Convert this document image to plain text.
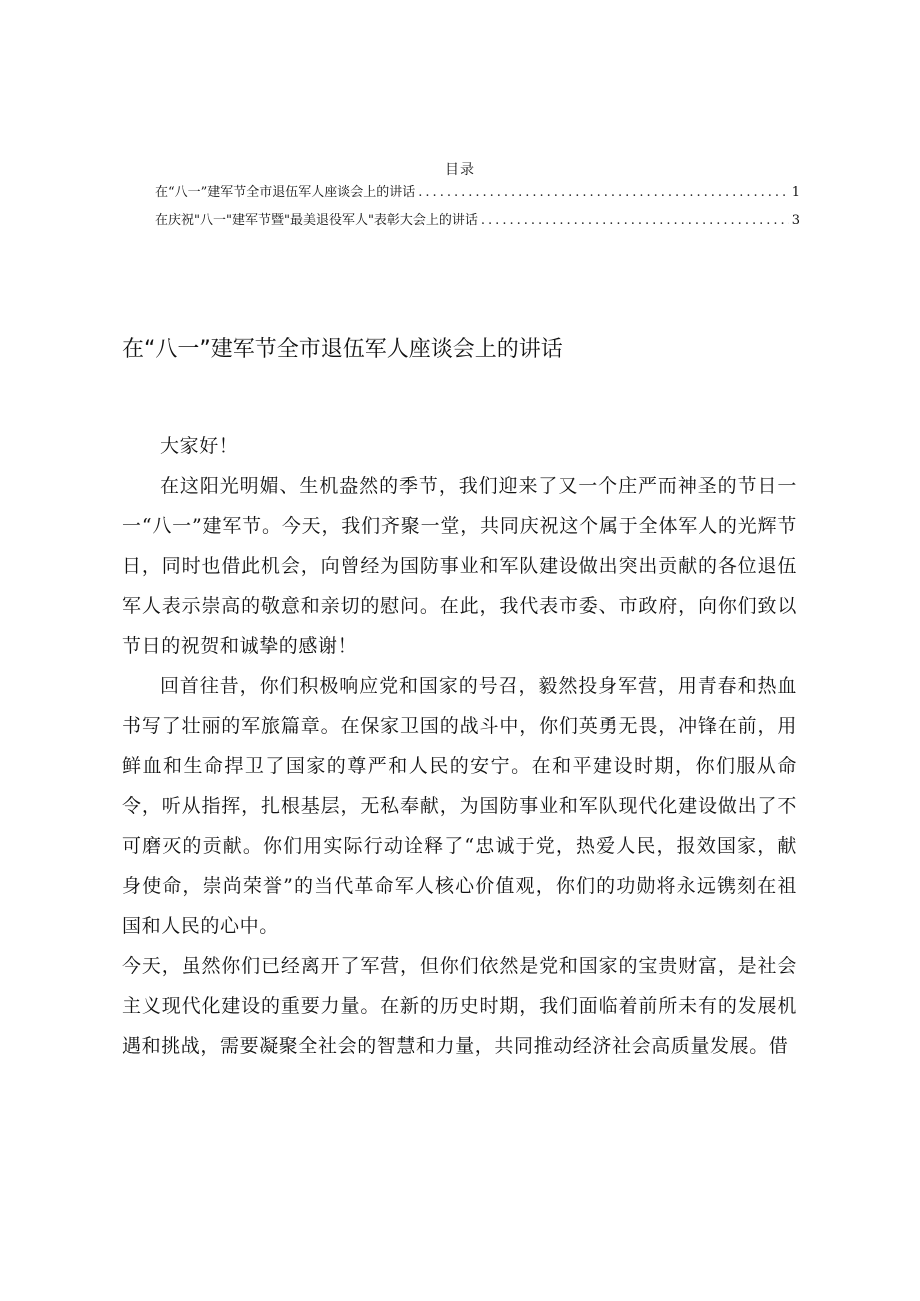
目录
在“八一”建军节全市退伍军人座谈会上的讲话 .....	1
在庆祝"八一"建军节暨"最美退役军人"表彰大会上的讲话 .....	3
在“八一”建军节全市退伍军人座谈会上的讲话

大家好！

在这阳光明媚、生机盎然的季节，我们迎来了又一个庄严而神圣的节日一一“八一”建军节。今天，我们齐聚一堂，共同庆祝这个属于全体军人的光辉节日，同时也借此机会，向曾经为国防事业和军队建设做出突出贡献的各位退伍军人表示崇高的敬意和亲切的慰问。在此，我代表市委、市政府，向你们致以节日的祝贺和诚挚的感谢！

回首往昔，你们积极响应党和国家的号召，毅然投身军营，用青春和热血书写了壮丽的军旅篇章。在保家卫国的战斗中，你们英勇无畏，冲锋在前，用鲜血和生命捍卫了国家的尊严和人民的安宁。在和平建设时期，你们服从命令，听从指挥，扎根基层，无私奉献，为国防事业和军队现代化建设做出了不可磨灭的贡献。你们用实际行动诠释了“忠诚于党，热爱人民，报效国家，献身使命，崇尚荣誉”的当代革命军人核心价值观，你们的功勋将永远镌刻在祖国和人民的心中。

今天，虽然你们已经离开了军营，但你们依然是党和国家的宝贵财富，是社会主义现代化建设的重要力量。在新的历史时期，我们面临着前所未有的发展机遇和挑战，需要凝聚全社会的智慧和力量，共同推动经济社会高质量发展。借
